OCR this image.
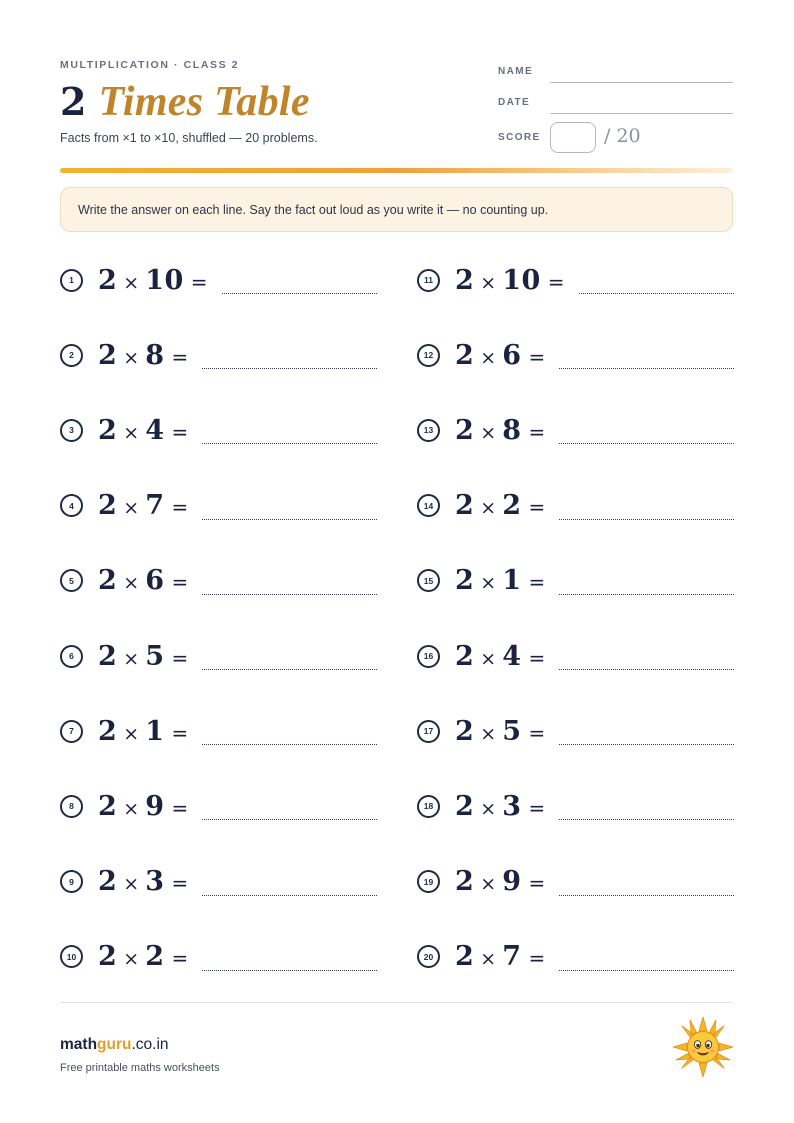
MULTIPLICATION · CLASS 2
2 Times Table
Facts from ×1 to ×10, shuffled — 20 problems.
NAME
DATE
SCORE	/ 20
Write the answer on each line. Say the fact out loud as you write it — no counting up.
1 2 × 10 =
2 2 × 8 =
3 2 × 4 =
4 2 × 7 =
5 2 × 6 =
6 2 × 5 =
7 2 × 1 =
8 2 × 9 =
9 2 × 3 =
10 2 × 2 =
11 2 × 10 =
12 2 × 6 =
13 2 × 8 =
14 2 × 2 =
15 2 × 1 =
16 2 × 4 =
17 2 × 5 =
18 2 × 3 =
19 2 × 9 =
20 2 × 7 =
mathguru.co.in
Free printable maths worksheets
